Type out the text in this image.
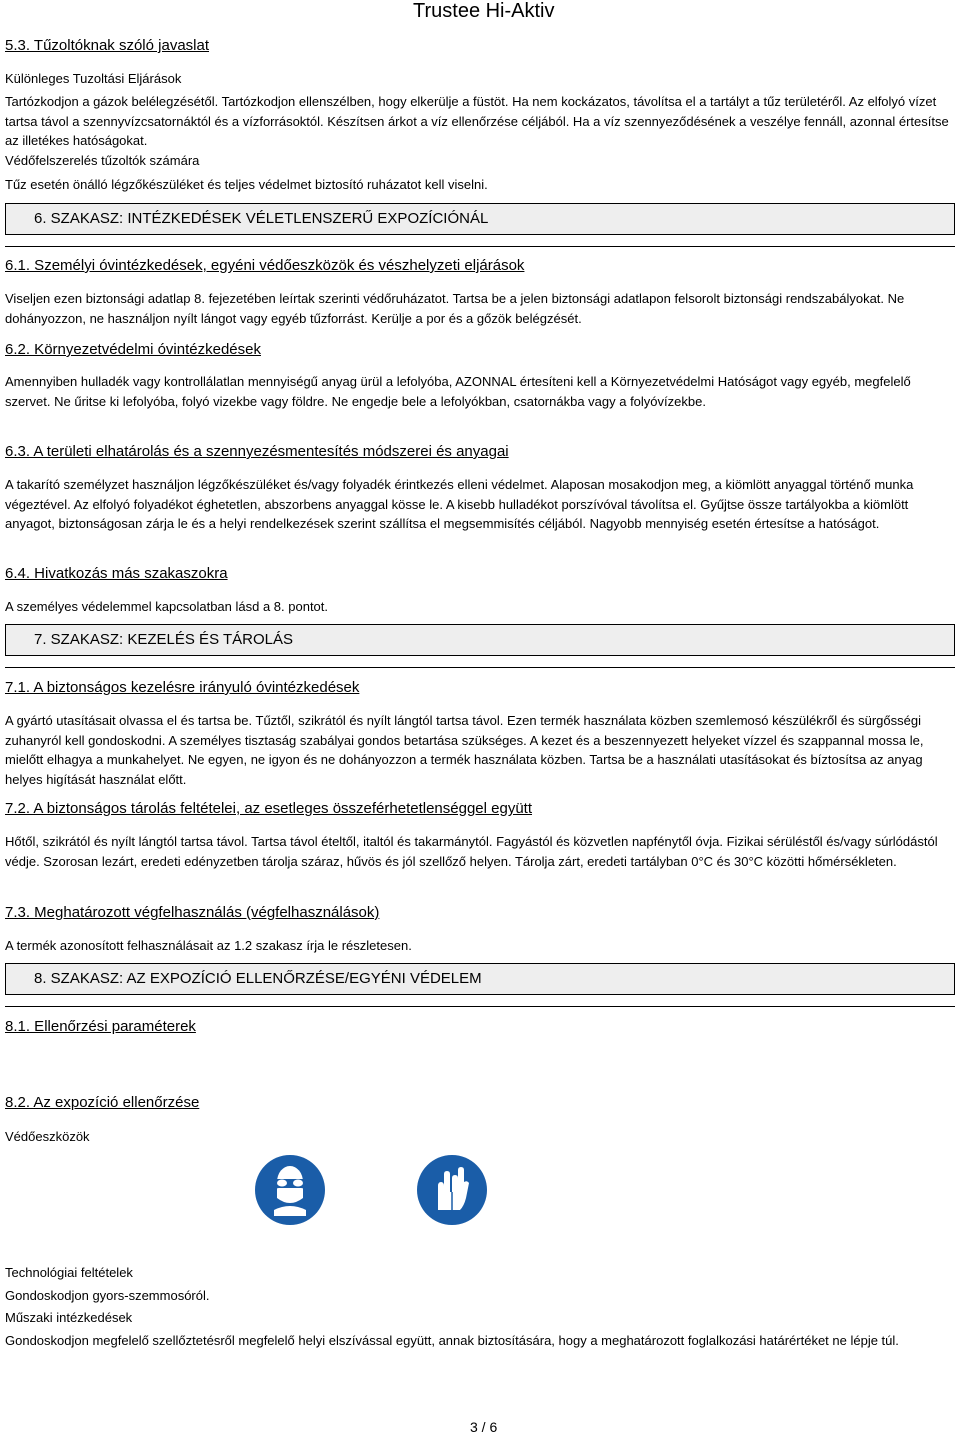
Trustee Hi-Aktiv
5.3. Tűzoltóknak szóló javaslat
Különleges Tuzoltási Eljárások
Tartózkodjon a gázok belélegzésétől. Tartózkodjon ellenszélben, hogy elkerülje a füstöt. Ha nem kockázatos, távolítsa el a tartályt a tűz területéről. Az elfolyó vízet tartsa távol a szennyvízcsatornáktól és a vízforrásoktól. Készítsen árkot a víz ellenőrzése céljából. Ha a víz szennyeződésének a veszélye fennáll, azonnal értesítse az illetékes hatóságokat.
Védőfelszerelés tűzoltók számára
Tűz esetén önálló légzőkészüléket és teljes védelmet biztosító ruházatot kell viselni.
6. SZAKASZ: INTÉZKEDÉSEK VÉLETLENSZERŰ EXPOZÍCIÓNÁL
6.1. Személyi óvintézkedések, egyéni védőeszközök és vészhelyzeti eljárások
Viseljen ezen biztonsági adatlap 8. fejezetében leírtak szerinti védőruházatot. Tartsa be a jelen biztonsági adatlapon felsorolt biztonsági rendszabályokat. Ne dohányozzon, ne használjon nyílt lángot vagy egyéb tűzforrást. Kerülje a por és a gőzök belégzését.
6.2. Környezetvédelmi óvintézkedések
Amennyiben hulladék vagy kontrollálatlan mennyiségű anyag ürül a lefolyóba, AZONNAL értesíteni kell a Környezetvédelmi Hatóságot vagy egyéb, megfelelő szervet. Ne űritse ki lefolyóba, folyó vizekbe vagy földre. Ne engedje bele a lefolyókban, csatornákba vagy a folyóvízekbe.
6.3. A területi elhatárolás és a szennyezésmentesítés módszerei és anyagai
A takarító személyzet használjon légzőkészüléket és/vagy folyadék érintkezés elleni védelmet. Alaposan mosakodjon meg, a kiömlött anyaggal történő munka végeztével. Az elfolyó folyadékot éghetetlen, abszorbens anyaggal kösse le. A kisebb hulladékot porszívóval távolítsa el. Gyűjtse össze tartályokba a kiömlött anyagot, biztonságosan zárja le és a helyi rendelkezések szerint szállítsa el megsemmisítés céljából. Nagyobb mennyiség esetén értesítse a hatóságot.
6.4. Hivatkozás más szakaszokra
A személyes védelemmel kapcsolatban lásd a 8. pontot.
7. SZAKASZ: KEZELÉS ÉS TÁROLÁS
7.1. A biztonságos kezelésre irányuló óvintézkedések
A gyártó utasításait olvassa el és tartsa be. Tűztől, szikrától és nyílt lángtól tartsa távol. Ezen termék használata közben szemlemosó készülékről és sürgősségi zuhanyról kell gondoskodni. A személyes tisztaság szabályai gondos betartása szükséges. A kezet és a beszennyezett helyeket vízzel és szappannal mossa le, mielőtt elhagya a munkahelyet. Ne egyen, ne igyon és ne dohányozzon a termék használata közben. Tartsa be a használati utasításokat és bíztosítsa az anyag helyes higítását használat előtt.
7.2. A biztonságos tárolás feltételei, az esetleges összeférhetetlenséggel együtt
Hőtől, szikrától és nyílt lángtól tartsa távol. Tartsa távol ételtől, italtól és takarmánytól. Fagyástól és közvetlen napfénytől óvja. Fizikai sérüléstől és/vagy súrlódástól védje. Szorosan lezárt, eredeti edényzetben tárolja száraz, hűvös és jól szellőző helyen. Tárolja zárt, eredeti tartályban 0°C és 30°C közötti hőmérsékleten.
7.3. Meghatározott végfelhasználás (végfelhasználások)
A termék azonosított felhasználásait az 1.2 szakasz írja le részletesen.
8. SZAKASZ: AZ EXPOZÍCIÓ ELLENŐRZÉSE/EGYÉNI VÉDELEM
8.1. Ellenőrzési paraméterek
8.2. Az expozíció ellenőrzése
Védőeszközök
Technológiai feltételek
Gondoskodjon gyors-szemmosóról.
Műszaki intézkedések
Gondoskodjon megfelelő szellőztetésről megfelelő helyi elszívással együtt, annak biztosítására, hogy a meghatározott foglalkozási határértéket ne lépje túl.
3 / 6
